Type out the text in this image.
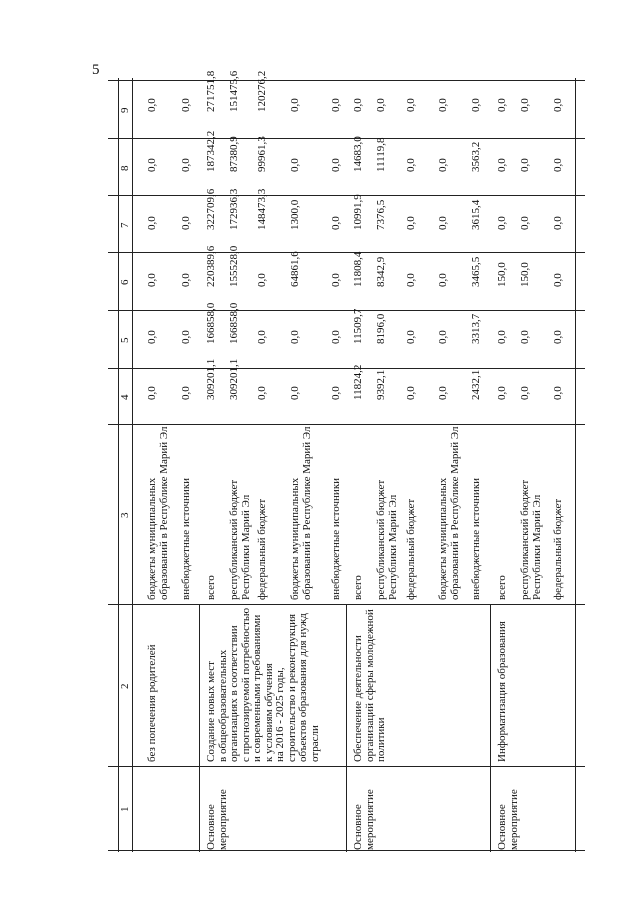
5
1
2
3
4
5
6
7
8
9
без попечения родителей
бюджеты муниципальных образований в Республике Марий Эл
0,0
0,0
0,0
0,0
0,0
0,0
внебюджетные источники
0,0
0,0
0,0
0,0
0,0
0,0
Основное мероприятие
Создание новых мест в общеобразовательных организациях в соответствии с прогнозируемой потребностью и современными требованиями к условиям обучения на 2016 - 2025 годы, строительство и реконструкция объектов образования для нужд отрасли
всего
309201,1
166858,0
220389,6
322709,6
187342,2
271751,8
республиканский бюджет Республики Марий Эл
309201,1
166858,0
155528,0
172936,3
87380,9
151475,6
федеральный бюджет
0,0
0,0
0,0
148473,3
99961,3
120276,2
бюджеты муниципальных образований в Республике Марий Эл
0,0
0,0
64861,6
1300,0
0,0
0,0
внебюджетные источники
0,0
0,0
0,0
0,0
0,0
0,0
Основное мероприятие
Обеспечение деятельности организаций сферы молодежной политики
всего
11824,2
11509,7
11808,4
10991,9
14683,0
0,0
республиканский бюджет Республики Марий Эл
9392,1
8196,0
8342,9
7376,5
11119,8
0,0
федеральный бюджет
0,0
0,0
0,0
0,0
0,0
0,0
бюджеты муниципальных образований в Республике Марий Эл
0,0
0,0
0,0
0,0
0,0
0,0
внебюджетные источники
2432,1
3313,7
3465,5
3615,4
3563,2
0,0
Основное мероприятие
Информатизация образования
всего
0,0
0,0
150,0
0,0
0,0
0,0
республиканский бюджет Республики Марий Эл
0,0
0,0
150,0
0,0
0,0
0,0
федеральный бюджет
0,0
0,0
0,0
0,0
0,0
0,0
